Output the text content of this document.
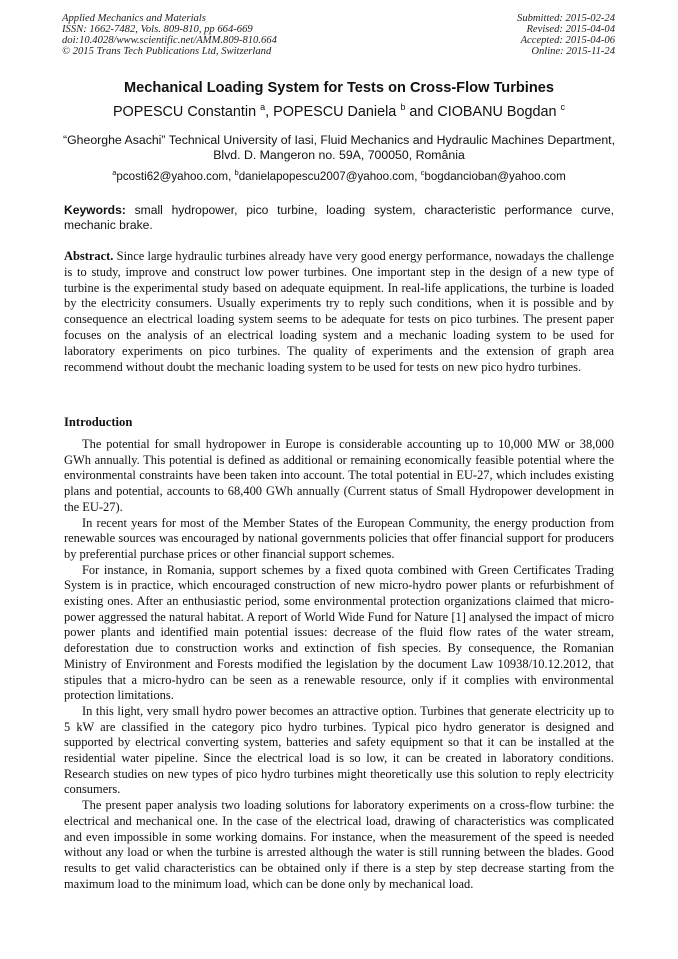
Applied Mechanics and Materials
ISSN: 1662-7482, Vols. 809-810, pp 664-669
doi:10.4028/www.scientific.net/AMM.809-810.664
© 2015 Trans Tech Publications Ltd, Switzerland
Submitted: 2015-02-24
Revised: 2015-04-04
Accepted: 2015-04-06
Online: 2015-11-24
Mechanical Loading System for Tests on Cross-Flow Turbines
POPESCU Constantin $^a$, POPESCU Daniela $^b$ and CIOBANU Bogdan $^c$
“Gheorghe Asachi” Technical University of Iasi, Fluid Mechanics and Hydraulic Machines Department, Blvd. D. Mangeron no. 59A, 700050, România
$^a$pcosti62@yahoo.com, $^b$danielapopescu2007@yahoo.com, $^c$bogdancioban@yahoo.com
Keywords: small hydropower, pico turbine, loading system, characteristic performance curve, mechanic brake.
Abstract. Since large hydraulic turbines already have very good energy performance, nowadays the challenge is to study, improve and construct low power turbines. One important step in the design of a new type of turbine is the experimental study based on adequate equipment. In real-life applications, the turbine is loaded by the electricity consumers. Usually experiments try to reply such conditions, when it is possible and by consequence an electrical loading system seems to be adequate for tests on pico turbines. The present paper focuses on the analysis of an electrical loading system and a mechanic loading system to be used for laboratory experiments on pico turbines. The quality of experiments and the extension of graph area recommend without doubt the mechanic loading system to be used for tests on new pico hydro turbines.
Introduction

The potential for small hydropower in Europe is considerable accounting up to 10,000 MW or 38,000 GWh annually. This potential is defined as additional or remaining economically feasible potential where the environmental constraints have been taken into account. The total potential in EU-27, which includes existing plans and potential, accounts to 68,400 GWh annually (Current status of Small Hydropower development in the EU-27).

In recent years for most of the Member States of the European Community, the energy production from renewable sources was encouraged by national governments policies that offer financial support for producers by preferential purchase prices or other financial support schemes.

For instance, in Romania, support schemes by a fixed quota combined with Green Certificates Trading System is in practice, which encouraged construction of new micro-hydro power plants or refurbishment of existing ones. After an enthusiastic period, some environmental protection organizations claimed that micro-power aggressed the natural habitat. A report of World Wide Fund for Nature [1] analysed the impact of micro power plants and identified main potential issues: decrease of the fluid flow rates of the water stream, deforestation due to construction works and extinction of fish species. By consequence, the Romanian Ministry of Environment and Forests modified the legislation by the document Law 10938/10.12.2012, that stipules that a micro-hydro can be seen as a renewable resource, only if it complies with environmental protection limitations.

In this light, very small hydro power becomes an attractive option. Turbines that generate electricity up to 5 kW are classified in the category pico hydro turbines. Typical pico hydro generator is designed and supported by electrical converting system, batteries and safety equipment so that it can be installed at the residential water pipeline. Since the electrical load is so low, it can be created in laboratory conditions. Research studies on new types of pico hydro turbines might theoretically use this solution to reply electricity consumers.

The present paper analysis two loading solutions for laboratory experiments on a cross-flow turbine: the electrical and mechanical one. In the case of the electrical load, drawing of characteristics was complicated and even impossible in some working domains. For instance, when the measurement of the speed is needed without any load or when the turbine is arrested although the water is still running between the blades. Good results to get valid characteristics can be obtained only if there is a step by step decrease starting from the maximum load to the minimum load, which can be done only by mechanical load.
